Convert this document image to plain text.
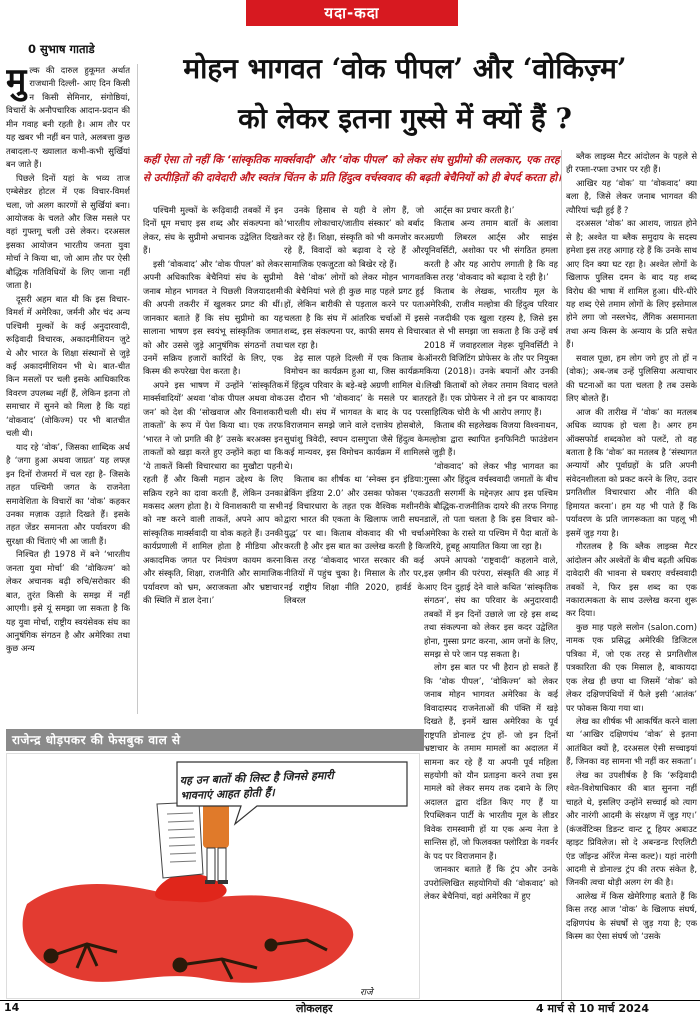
यदा-कदा
0 सुभाष गाताडे
मोहन भागवत ‘वोक पीपल’ और ‘वोकिज़्म’
को लेकर इतना गुस्से में क्यों हैं ?
कहीं ऐसा तो नहीं कि ‘सांस्कृतिक मार्क्सवादी’ और ‘वोक पीपल’ को लेकर संघ सुप्रीमो की ललकार, एक तरह से उत्पीड़ितों की दावेदारी और स्वतंत्र चिंतन के प्रति हिंदुत्व वर्चस्ववाद की बढ़ती बेचैनियों को ही बेपर्द करता हो।
मु ल्क की दारुल हुकूमत अर्थात राजधानी दिल्ली- आए दिन किसी न किसी सेमिनार, संगोष्ठियां, विचारों के अनौपचारिक आदान-प्रदान की मीन गवाह बनी रहती है। आम तौर पर यह खबर भी नहीं बन पाते, अलबत्ता कुछ तबादला-ए ख्यालात कभी-कभी सुर्खियां बन जाते हैं।

पिछले दिनों यहां के भव्य ताज एम्बेसेडर होटल में एक विचार-विमर्श चला, जो अलग कारणों से सुर्खियां बना। आयोजक के चलते और जिस मसले पर वहां गुफ्तगू चली उसे लेकर। दरअसल इसका आयोजन भारतीय जनता युवा मोर्चा ने किया था, जो आम तौर पर ऐसी बौद्धिक गतिविधियों के लिए जाना नहीं जाता है।

दूसरी अहम बात थी कि इस विचार-विमर्श में अमेरिका, जर्मनी और चंद अन्य पश्चिमी मुल्कों के कई अनुदारवादी, रूढ़िवादी विचारक, अकादमीशियन जुटे थे और भारत के शिक्षा संस्थानों से जुड़े कई अकादमीशियन भी थे। बात-चीत किन मसलों पर चली इसके आधिकारिक विवरण उपलब्ध नहीं हैं, लेकिन इतना तो समाचार में सुनने को मिला है कि यहां ‘वोकवाद’ (वोकिज्म) पर भी बातचीत चली थी।

याद रहे ‘वोक’, जिसका शाब्दिक अर्थ है ‘जगा हुआ अथवा जाग्रत’ यह लफ्ज़ इन दिनों रोजमर्रा में चल रहा है- जिसके तहत पश्चिमी जगत के राजनेता समावेशिता के विचारों का ‘वोक’ कहकर उनका मज़ाक उड़ाते दिखते हैं। इसके तहत जेंडर समानता और पर्यावरण की सुरक्षा की चिंताएं भी आ जाती हैं।

निश्चित ही 1978 में बने ‘भारतीय जनता युवा मोर्चा’ की ‘वोकिज्म’ को लेकर अचानक बढ़ी रुचि/सरोकार की बात, तुरंत किसी के समझ में नहीं आएगी। इसे यूं समझा जा सकता है कि यह युवा मोर्चा, राष्ट्रीय स्वयंसेवक संघ का आनुषंगिक संगठन है और अमेरिका तथा कुछ अन्य

पश्चिमी मुल्कों के रूढ़िवादी तबकों में इन दिनों धूम मचाए इस शब्द और संकल्पना को लेकर, संघ के सुप्रीमो अचानक उद्वेलित दिखते हैं।

इसी ‘वोकवाद’ और ‘वोक पीपल’ को लेकर अपनी अधिकारिक बेचैनियां संघ के सुप्रीमो जनाब मोहन भागवत ने पिछली विजयादशमी की अपनी तकरीर में खुलकर प्रगट की थीं। जानकार बताते हैं कि संघ सुप्रीमो का यह सालाना भाषण इस स्वयंभू सांस्कृतिक जमात को और उससे जुड़े आनुषंगिक संगठनों तथा उनमें सक्रिय हजारों कारिंदों के लिए, एक किस्म की रूपरेखा पेश करता है।

अपने इस भाषण में उन्होंने ‘सांस्कृतिक मार्क्सवादियों’ अथवा ‘वोक पीपल अथवा वोक जन’ को देश की ‘सोखवाज और विनाशकारी ताकतों’ के रूप में पेश किया था। एक तरफ ‘भारत ने जो प्रगति की है’ उसके बरअक्स इन ताकतों को खड़ा करते हुए उन्होंने कहा था कि ‘ये ताकतें किसी विचारधारा का मुखौटा पहनी रहती हैं और किसी महान उद्देश्य के लिए सक्रिय रहने का दावा करती हैं, लेकिन उनका मकसद अलग होता है। ये विनाशकारी या सभी को नष्ट करने वाली ताकतें, अपने आप को सांस्कृतिक मार्क्सवादी या वोक कहते हैं। उनकी कार्यप्रणाली में शामिल होता है मीडिया और अकादमिक जगत पर नियंत्रण कायम करना और संस्कृति, शिक्षा, राजनीति और सामाजिक पर्यावरण को भ्रम, अराजकता और भ्रष्टाचार की स्थिति में डाल देना।’

उनके हिसाब से यही वे लोग हैं, जो ‘भारतीय लोकाचार/जातीय संस्कार’ को बर्बाद कर रहे हैं। शिक्षा, संस्कृति को भी कमजोर कर रहे हैं, विवादों को बढ़ावा दे रहे हैं और सामाजिक एकजुटता को बिखेर रहे हैं।

वैसे ‘वोक’ लोगों को लेकर मोहन भागवत की बेचैनियां भले ही कुछ माह पहले प्रगट हुई हों, लेकिन बारीकी से पड़ताल करने पर पता चलता है कि संघ में आंतरिक चर्चाओं में इस शब्द, इस संकल्पना पर, काफी समय से विचार चल रहा है।

डेढ़ साल पहले दिल्ली में एक किताब के विमोचन का कार्यक्रम हुआ था, जिस कार्यक्रम में हिंदुत्व परिवार के बड़े-बड़े अग्रणी शामिल थे। उस दौरान भी ‘वोकवाद’ के मसले पर बात चली थी। संघ में भागवत के बाद के पद पर विराजमान समझे जाने वाले दत्तात्रेय होसबोले, सुधांशु त्रिवेदी, स्वपन दासगुप्ता जैसे हिंदुत्व के कई मान्यवर, इस विमोचन कार्यक्रम में शामिल थे।

किताब का शीर्षक था ‘स्नेक्स इन इंडिया: ब्रेकिंग इंडिया 2.0’ और उसका फोकस ‘एक नई विचारधारा के तहत एक वैश्विक मशीनरी द्वारा भारत की एकता के खिलाफ जारी सघन युद्ध’ पर था। किताब वोकवाद की भी चर्चा करती है और इस बात का उल्लेख करती है कि किस तरह ‘वोकवाद भारत सरकार की कई नीतियों में पहुंच चुका है। मिसाल के तौर पर, नई राष्ट्रीय शिक्षा नीति 2020, हार्वर्ड के लिबरल

आर्ट्स का प्रचार करती है।’

किताब अन्य तमाम बातों के अलावा अग्रणी लिबरल आर्ट्स और साइंस यूनिवर्सिटी, अशोका पर भी संगठित हमला करती है और यह आरोप लगाती है कि वह किस तरह ‘वोकवाद को बढ़ावा दे रही है।’

किताब के लेखक, भारतीय मूल के अमेरिकी, राजीव मल्होत्रा की हिंदुत्व परिवार से नजदीकी एक खुला रहस्य है, जिसे इस बात से भी समझा जा सकता है कि उन्हें वर्ष 2018 में जवाहरलाल नेहरू यूनिवर्सिटी ने ऑनररी विजिटिंग प्रोफेसर के तौर पर नियुक्त किया (2018)। उनके बयानों और उनकी लिखी किताबों को लेकर तमाम विवाद चलते रहते हैं। एक प्रोफेसर ने तो इन पर बाकायदा साहित्यिक चोरी के भी आरोप लगाए हैं।

किताब की सहलेखक विजया विश्वनाथन, मल्होत्रा द्वारा स्थापित इनफिनिटी फाउंडेशन से जुड़ी हैं।

‘वोकवाद’ को लेकर भीड़ भागवत का गुस्सा और हिंदुत्व वर्चस्ववादी जमातों के बीच उठती सरगर्मी के मद्देनज़र आप इस पश्चिम के बौद्धिक-राजनीतिक दायरे की तरफ निगाह डालें, तो पता चलता है कि इस विचार को- अमेरिका के रास्ते या पश्चिम में पैदा बातों के जरिये, हूबहू आयातित किया जा रहा है।

अपने आपको ‘राष्ट्रवादी’ कहलाने वाले, इस ज़मीन की परंपरा, संस्कृति की आड़ में आए दिन दुहाई देने वाले कथित ‘सांस्कृतिक संगठन’, संघ का परिवार के अनुदारवादी तबकों में इन दिनों उछाले जा रहे इस शब्द तथा संकल्पना को लेकर इस कदर उद्वेलित होना, गुस्सा प्रगट करना, आम जनों के लिए, समझ से परे जान पड़ सकता है।

लोग इस बात पर भी हैरान हो सकते हैं कि ‘वोक पीपल’, ‘वोकिज्म’ को लेकर जनाब मोहन भागवत अमेरिका के कई विवादास्पद राजनेताओं की पंक्ति में खड़े दिखते हैं, इनमें खास अमेरिका के पूर्व राष्ट्रपति डोनाल्ड ट्रंप हों- जो इन दिनों भ्रष्टाचार के तमाम मामलों का अदालत में सामना कर रहे हैं या अपनी पूर्व महिला सहयोगी को यौन प्रताड़ना करने तथा इस मामले को लेकर समय तक दबाने के लिए अदालत द्वारा दंडित किए गए हैं या रिपब्लिकन पार्टी के भारतीय मूल के लीडर विवेक रामस्वामी हों या एक अन्य नेता डे सान्तिस हों, जो फिलवक्त फ्लोरिडा के गवर्नर के पद पर विराजमान हैं।

जानकार बताते हैं कि ट्रंप और उनके उपरोल्लिखित सहयोगियों की ‘वोकवाद’ को लेकर बेचैनियां, वहां अमेरिका में हुए

ब्लैक लाइव्स मैटर आंदोलन के पहले से ही रफ्ता-रफ्ता उभार पर रही हैं।

आखिर यह ‘वोक’ या ‘वोकवाद’ क्या बला है, जिसे लेकर जनाब भागवत की त्यौरियां चढ़ी हुई हैं ?

दरअसल ‘वोक’ का आशय, जाग्रत होने से है; अश्वेत या ब्लैक समुदाय के सदस्य हमेशा इस तरह आगाह रहे हैं कि उनके साथ आए दिन क्या घट रहा है। अश्वेत लोगों के खिलाफ पुलिस दमन के बाद यह शब्द विरोध की भाषा में शामिल हुआ। धीरे-धीरे यह शब्द ऐसे तमाम लोगों के लिए इस्तेमाल होने लगा जो नस्लभेद, लैंगिक असमानता तथा अन्य किस्म के अन्याय के प्रति सचेत हैं।

सवाल पूछा, हम लोग जगे हुए तो हों न (वोक); अब-जब उन्हें पुलिसिया अत्याचार की घटनाओं का पता चलता है तब उसके लिए बोलते हैं।

आज की तारीख में ‘वोक’ का मतलब अधिक व्यापक हो चला है। अगर हम ऑक्सफोर्ड शब्दकोश को पलटें, तो वह बताता है कि ‘वोक’ का मतलब है ‘संस्थागत अन्यायों और पूर्वाग्रहों के प्रति अपनी संवेदनशीलता को प्रकट करने के लिए, उदार प्रगतिशील विचारधारा और नीति की हिमायत करना’। हम यह भी पाते हैं कि पर्यावरण के प्रति जागरूकता का पहलू भी इसमें जुड़ गया है।

गौरतलब है कि ब्लैक लाइव्स मैटर आंदोलन और अश्वेतों के बीच बढ़ती अधिक दावेदारी की भावना से घबराए वर्चस्ववादी तबकों ने, फिर इस शब्द का एक नकारात्मकता के साथ उल्लेख करना शुरू कर दिया।

कुछ माह पहले सलोन (salon.com) नामक एक प्रसिद्ध अमेरिकी डिजिटल पत्रिका में, जो एक तरह से प्रगतिशील पत्रकारिता की एक मिसाल है, बाकायदा एक लेख ही छपा था जिसमें ‘वोक’ को लेकर दक्षिणपंथियों में फैले इसी ‘आतंक’ पर फोकस किया गया था।

लेख का शीर्षक भी आकर्षित करने वाला था ‘आखिर दक्षिणपंथ ‘वोक’ से इतना आतंकित क्यों है, दरअसल ऐसी सच्चाइयां हैं, जिनका वह सामना भी नहीं कर सकता’।

लेख का उपशीर्षक है कि ‘रूढ़िवादी श्वेत-विशेषाधिकार की बात सुनना नहीं चाहते थे, इसलिए उन्होंने सच्चाई को त्याग और नारंगी आदमी के संरक्षण में जुड़ गए।’ (कंजर्वेटिव्स डिडन्ट वान्ट टू हियर अबाउट व्हाइट प्रिविलेज। सो दे अबन्डन्ड रिएलिटी एंड जॉइन्ड ऑरेंज मेन्स कल्ट)। यहां नारंगी आदमी से डोनाल्ड ट्रंप की तरफ संकेत है, जिनकी त्वचा थोड़ी अलग रंग की है।

आलेख में किस खेमेरिगाह बताते हैं कि किस तरह आज ‘वोक’ के खिलाफ संघर्ष, दक्षिणपंथ के संघर्षों से जुड़ गया है; एक किस्म का ऐसा संघर्ष जो ‘उसके

राजेन्द्र धोड़पकर की फेसबुक वाल से
यह उन बातों की लिस्ट है जिनसे हमारी भावनाएं आहत होती हैं।
राजे
14	लोकलहर	4 मार्च से 10 मार्च 2024
